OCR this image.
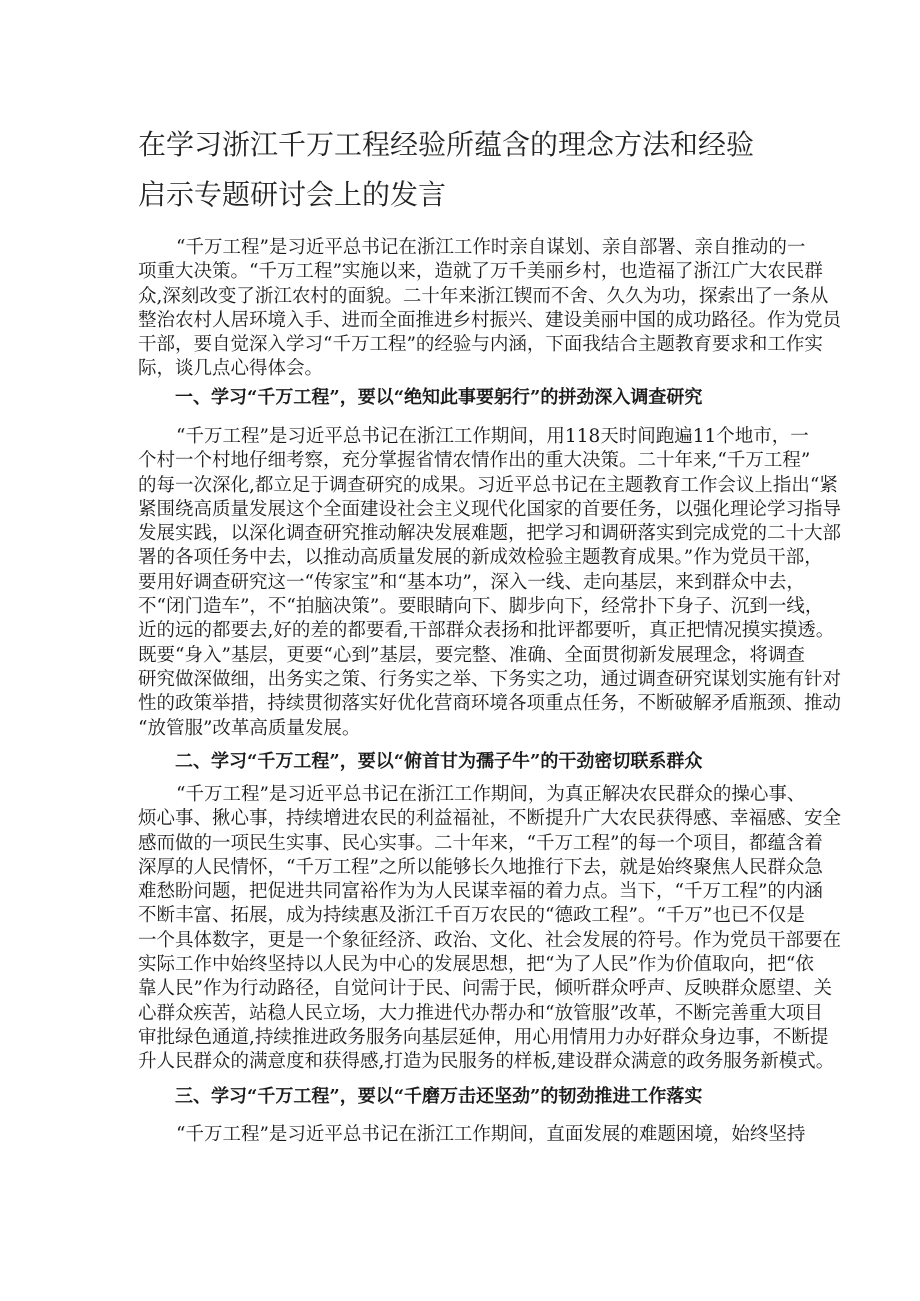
在学习浙江千万工程经验所蕴含的理念方法和经验
启示专题研讨会上的发言
“千万工程”是习近平总书记在浙江工作时亲自谋划、亲自部署、亲自推动的一
项重大决策。“千万工程”实施以来，造就了万千美丽乡村，也造福了浙江广大农民群
众,深刻改变了浙江农村的面貌。二十年来浙江锲而不舍、久久为功，探索出了一条从
整治农村人居环境入手、进而全面推进乡村振兴、建设美丽中国的成功路径。作为党员
干部，要自觉深入学习“千万工程”的经验与内涵，下面我结合主题教育要求和工作实
际，谈几点心得体会。
一、学习“千万工程”，要以“绝知此事要躬行”的拼劲深入调查研究
“千万工程”是习近平总书记在浙江工作期间，用118天时间跑遍11个地市，一
个村一个村地仔细考察，充分掌握省情农情作出的重大决策。二十年来,“千万工程”
的每一次深化,都立足于调查研究的成果。习近平总书记在主题教育工作会议上指出“紧
紧围绕高质量发展这个全面建设社会主义现代化国家的首要任务，以强化理论学习指导
发展实践，以深化调查研究推动解决发展难题，把学习和调研落实到完成党的二十大部
署的各项任务中去，以推动高质量发展的新成效检验主题教育成果。”作为党员干部，
要用好调查研究这一“传家宝”和“基本功”，深入一线、走向基层，来到群众中去，
不“闭门造车”，不“拍脑决策”。要眼睛向下、脚步向下，经常扑下身子、沉到一线，
近的远的都要去,好的差的都要看,干部群众表扬和批评都要听，真正把情况摸实摸透。
既要“身入”基层，更要“心到”基层，要完整、准确、全面贯彻新发展理念，将调查
研究做深做细，出务实之策、行务实之举、下务实之功，通过调查研究谋划实施有针对
性的政策举措，持续贯彻落实好优化营商环境各项重点任务，不断破解矛盾瓶颈、推动
“放管服”改革高质量发展。
二、学习“千万工程”，要以“俯首甘为孺子牛”的干劲密切联系群众
“千万工程”是习近平总书记在浙江工作期间，为真正解决农民群众的操心事、
烦心事、揪心事，持续增进农民的利益福祉，不断提升广大农民获得感、幸福感、安全
感而做的一项民生实事、民心实事。二十年来，“千万工程”的每一个项目，都蕴含着
深厚的人民情怀，“千万工程”之所以能够长久地推行下去，就是始终聚焦人民群众急
难愁盼问题，把促进共同富裕作为为人民谋幸福的着力点。当下，“千万工程”的内涵
不断丰富、拓展，成为持续惠及浙江千百万农民的“德政工程”。“千万”也已不仅是
一个具体数字，更是一个象征经济、政治、文化、社会发展的符号。作为党员干部要在
实际工作中始终坚持以人民为中心的发展思想，把“为了人民”作为价值取向，把“依
靠人民”作为行动路径，自觉问计于民、问需于民，倾听群众呼声、反映群众愿望、关
心群众疾苦，站稳人民立场，大力推进代办帮办和“放管服”改革，不断完善重大项目
审批绿色通道,持续推进政务服务向基层延伸，用心用情用力办好群众身边事，不断提
升人民群众的满意度和获得感,打造为民服务的样板,建设群众满意的政务服务新模式。
三、学习“千万工程”，要以“千磨万击还坚劲”的韧劲推进工作落实
“千万工程”是习近平总书记在浙江工作期间，直面发展的难题困境，始终坚持
